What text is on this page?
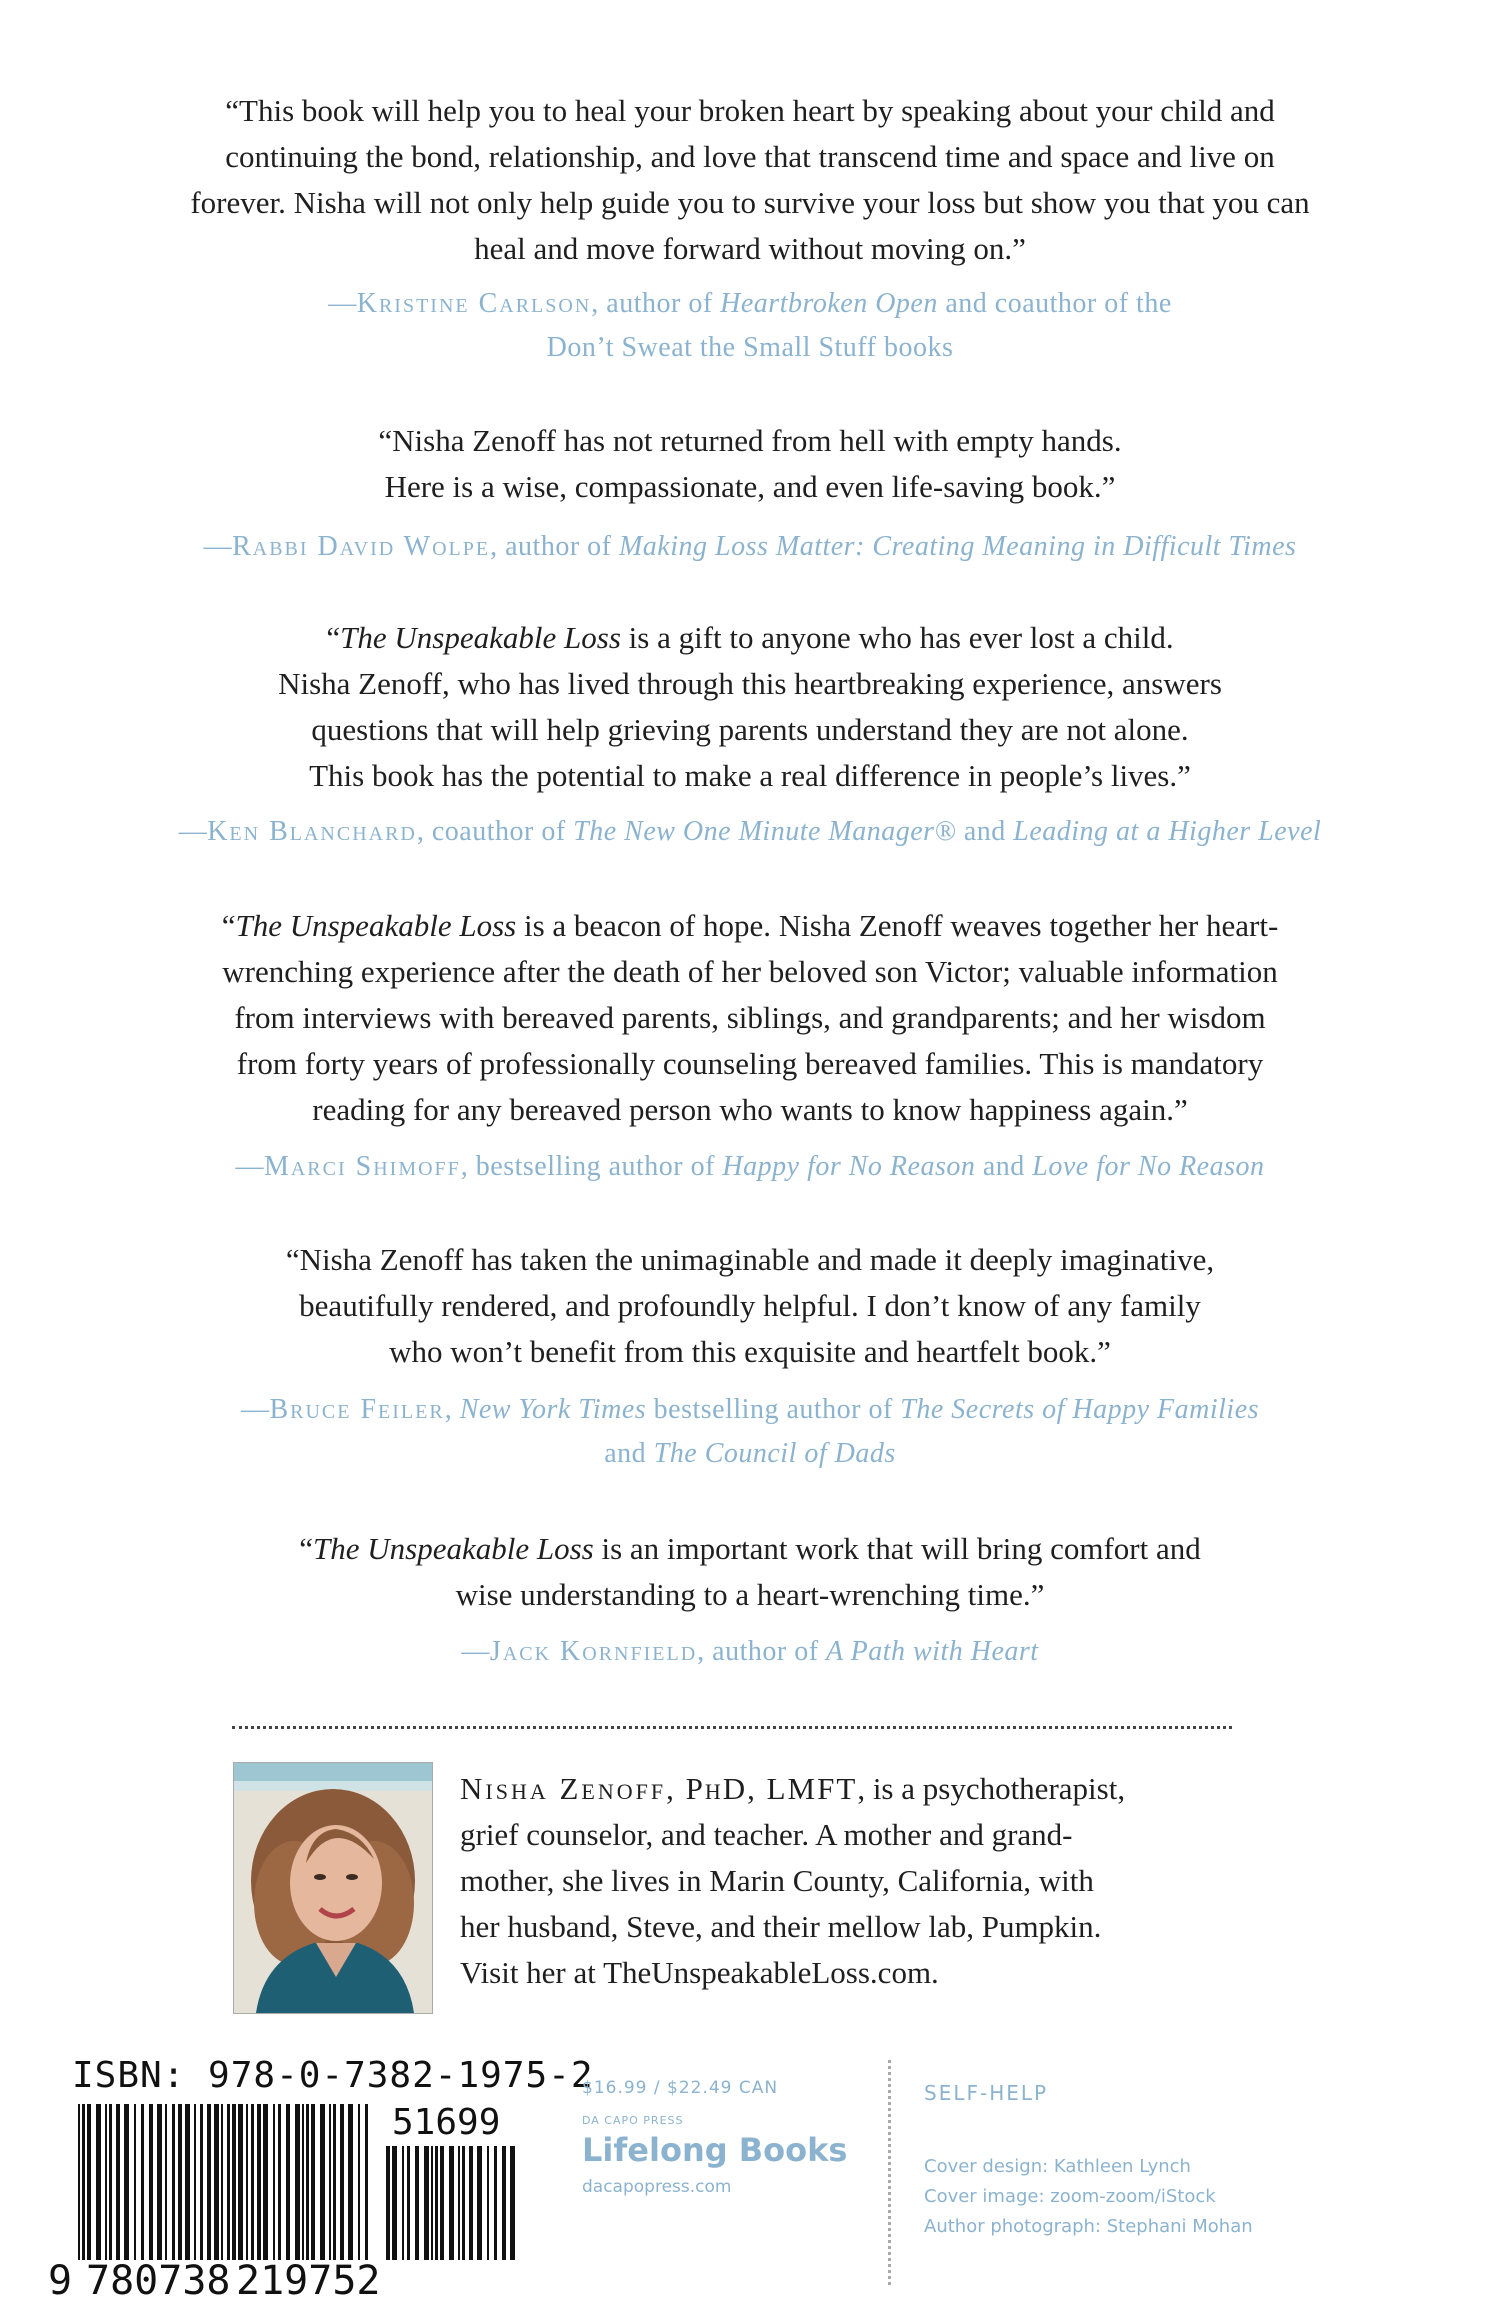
“This book will help you to heal your broken heart by speaking about your child and
continuing the bond, relationship, and love that transcend time and space and live on
forever. Nisha will not only help guide you to survive your loss but show you that you can
heal and move forward without moving on.”
—Kristine Carlson, author of Heartbroken Open and coauthor of the
Don’t Sweat the Small Stuff books
“Nisha Zenoff has not returned from hell with empty hands.
Here is a wise, compassionate, and even life-saving book.”
—Rabbi David Wolpe, author of Making Loss Matter: Creating Meaning in Difficult Times
“The Unspeakable Loss is a gift to anyone who has ever lost a child.
Nisha Zenoff, who has lived through this heartbreaking experience, answers
questions that will help grieving parents understand they are not alone.
This book has the potential to make a real difference in people’s lives.”
—Ken Blanchard, coauthor of The New One Minute Manager® and Leading at a Higher Level
“The Unspeakable Loss is a beacon of hope. Nisha Zenoff weaves together her heart-
wrenching experience after the death of her beloved son Victor; valuable information
from interviews with bereaved parents, siblings, and grandparents; and her wisdom
from forty years of professionally counseling bereaved families. This is mandatory
reading for any bereaved person who wants to know happiness again.”
—Marci Shimoff, bestselling author of Happy for No Reason and Love for No Reason
“Nisha Zenoff has taken the unimaginable and made it deeply imaginative,
beautifully rendered, and profoundly helpful. I don’t know of any family
who won’t benefit from this exquisite and heartfelt book.”
—Bruce Feiler, New York Times bestselling author of The Secrets of Happy Families
and The Council of Dads
“The Unspeakable Loss is an important work that will bring comfort and
wise understanding to a heart-wrenching time.”
—Jack Kornfield, author of A Path with Heart
Nisha Zenoff, PhD, LMFT, is a psychotherapist,
grief counselor, and teacher. A mother and grand-
mother, she lives in Marin County, California, with
her husband, Steve, and their mellow lab, Pumpkin.
Visit her at TheUnspeakableLoss.com.
ISBN: 978-0-7382-1975-2
9 780738 219752
51699
$16.99 / $22.49 CAN
DA CAPO PRESS
Lifelong Books
dacapopress.com
SELF-HELP
Cover design: Kathleen Lynch
Cover image: zoom-zoom/iStock
Author photograph: Stephani Mohan
